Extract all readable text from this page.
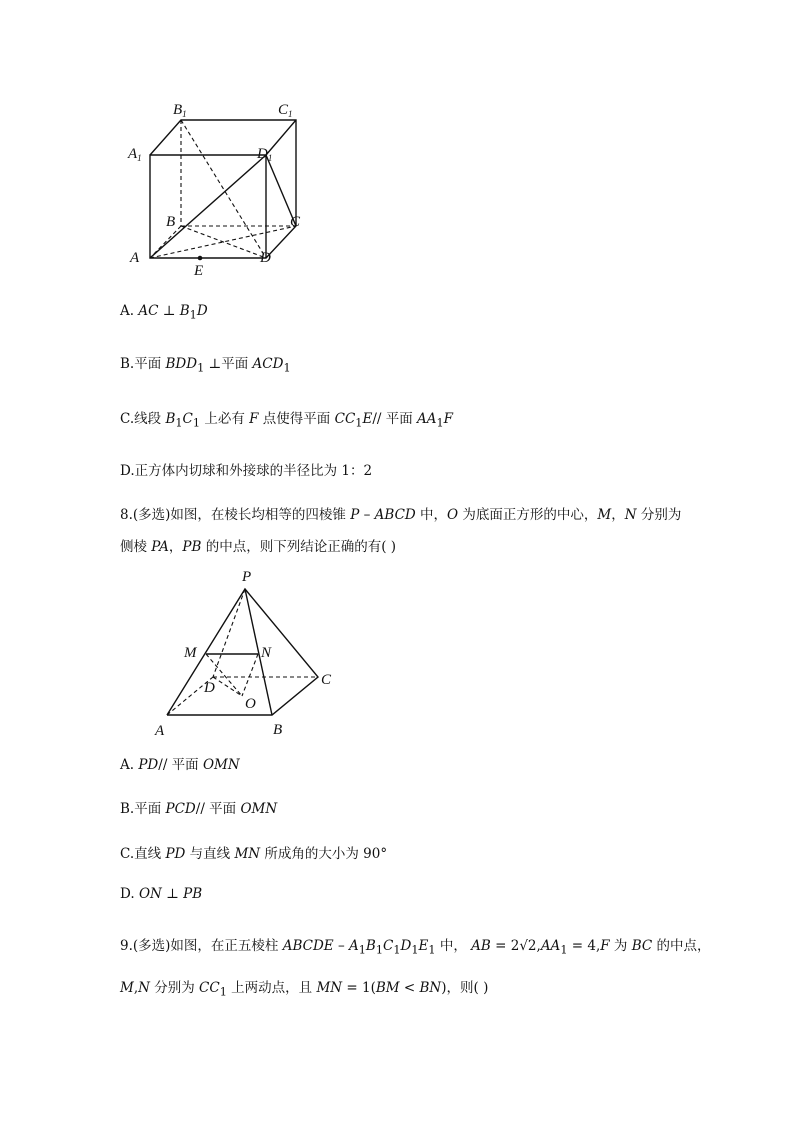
$B_1$	$C_1$
$A_1$	$D_1$
B	C
A	D
E
A. AC ⊥ $B_1D$
B.平面 $BDD_1$ ⊥平面 $ACD_1$
C.线段 $B_1C_1$ 上必有 F 点使得平面 $CC_1E//$ 平面 $AA_1F$
D.正方体内切球和外接球的半径比为 1：2
8.(多选)如图，在棱长均相等的四棱锥 P – ABCD 中，O 为底面正方形的中心，M，N 分别为
侧棱 PA，PB 的中点，则下列结论正确的有( )
P
M	N
D	C
O
A	B
A. PD// 平面 OMN
B.平面 PCD// 平面 OMN
C.直线 PD 与直线 MN 所成角的大小为 90°
D. ON ⊥ PB
9.(多选)如图，在正五棱柱 ABCDE – $A_1B_1C_1D_1E_1$ 中， AB = $2√2,AA_1 = 4,F$ 为 BC 的中点，
M,N 分别为 $CC_1$ 上两动点，且 MN = 1(BM < BN)，则( )
